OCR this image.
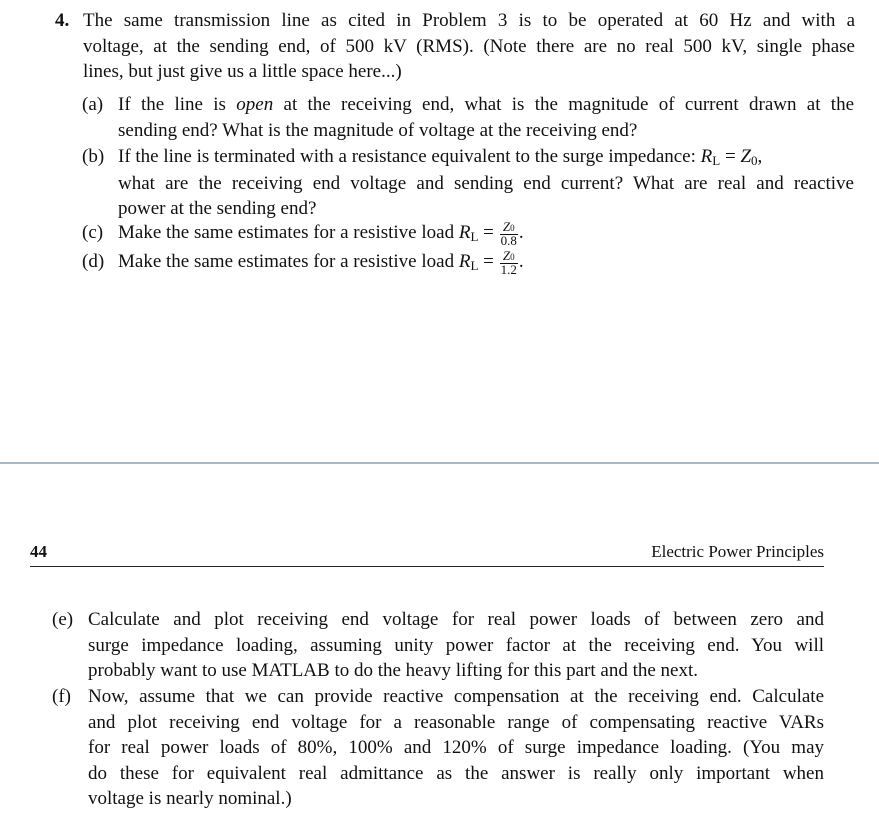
4. The same transmission line as cited in Problem 3 is to be operated at 60 Hz and with a
voltage, at the sending end, of 500 kV (RMS). (Note there are no real 500 kV, single phase
lines, but just give us a little space here...)
(a) If the line is open at the receiving end, what is the magnitude of current drawn at the
sending end? What is the magnitude of voltage at the receiving end?
(b) If the line is terminated with a resistance equivalent to the surge impedance: RL = Z0,
what are the receiving end voltage and sending end current? What are real and reactive
power at the sending end?
(c) Make the same estimates for a resistive load RL = $\frac{Z0}{0.8}$ .
(d) Make the same estimates for a resistive load RL = $\frac{Z0}{1.2}$ .
44	Electric Power Principles
(e) Calculate and plot receiving end voltage for real power loads of between zero and
surge impedance loading, assuming unity power factor at the receiving end. You will
probably want to use MATLAB to do the heavy lifting for this part and the next.
(f) Now, assume that we can provide reactive compensation at the receiving end. Calculate
and plot receiving end voltage for a reasonable range of compensating reactive VARs
for real power loads of 80%, 100% and 120% of surge impedance loading. (You may
do these for equivalent real admittance as the answer is really only important when
voltage is nearly nominal.)
